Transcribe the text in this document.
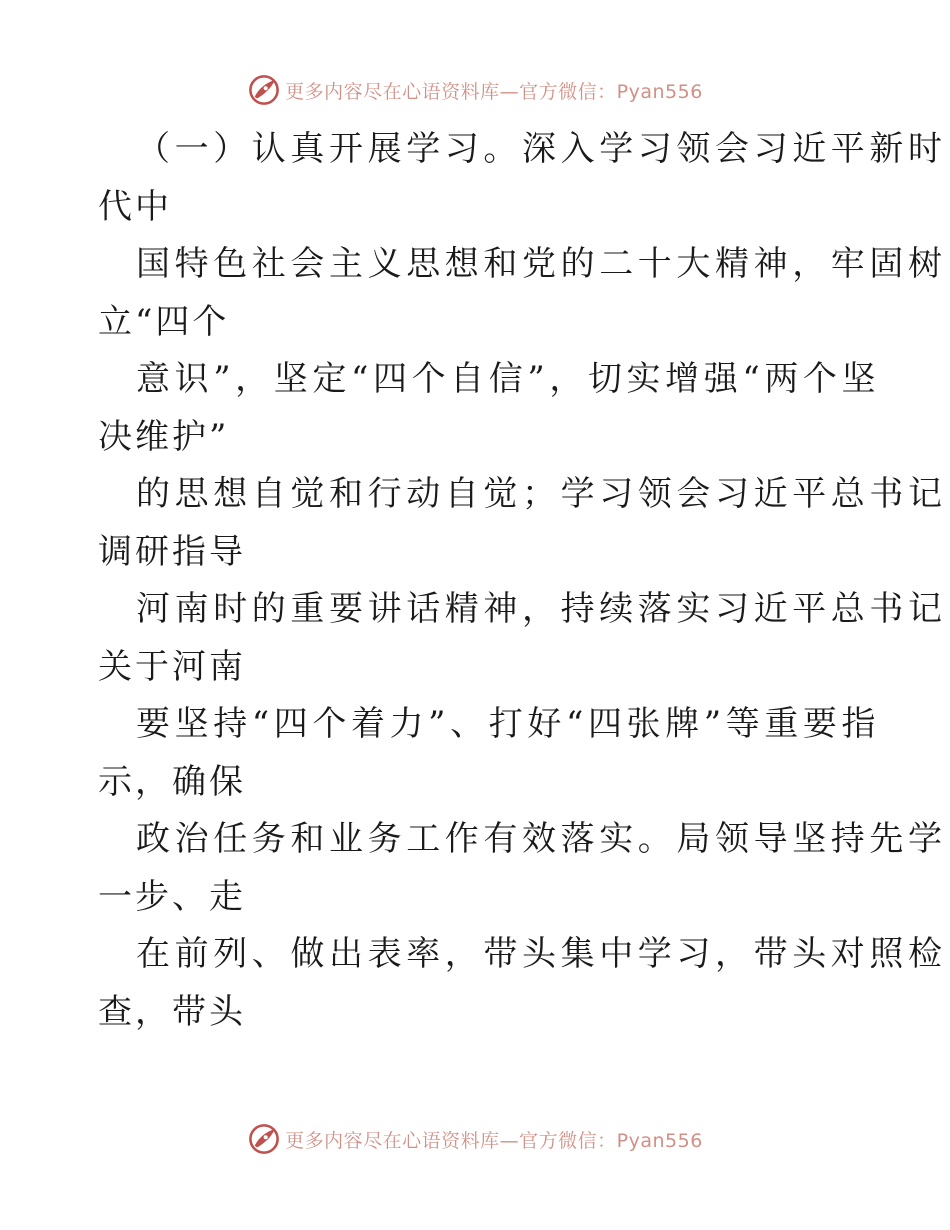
更多内容尽在心语资料库—官方微信：Pyan556
（一）认真开展学习。深入学习领会习近平新时
代中
国特色社会主义思想和党的二十大精神，牢固树
立“四个
意识”，坚定“四个自信”，切实增强“两个坚
决维护”
的思想自觉和行动自觉；学习领会习近平总书记
调研指导
河南时的重要讲话精神，持续落实习近平总书记
关于河南
要坚持“四个着力”、打好“四张牌”等重要指
示，确保
政治任务和业务工作有效落实。局领导坚持先学
一步、走
在前列、做出表率，带头集中学习，带头对照检
查，带头
更多内容尽在心语资料库—官方微信：Pyan556
